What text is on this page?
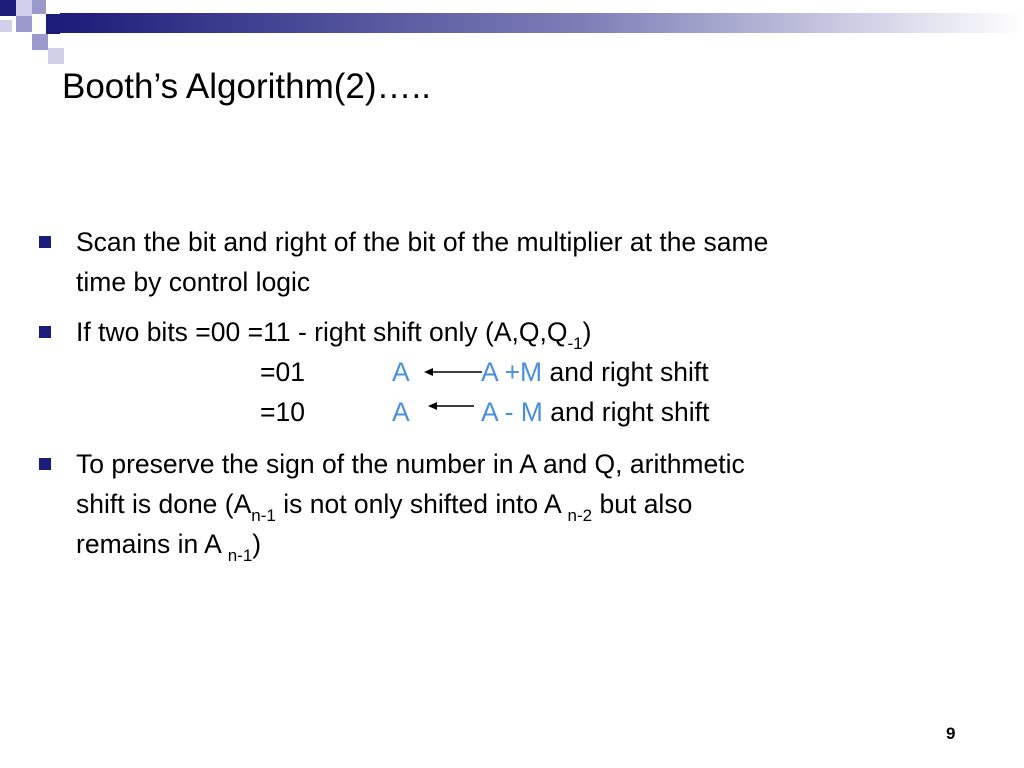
Booth’s Algorithm(2)…..
Scan the bit and right of the bit of the multiplier at the same
time by control logic
If two bits =00 =11 - right shift only $(A,Q,Q_{-1})$
=01	A	A +M and right shift
=10	A	A - M and right shift
To preserve the sign of the number in A and Q, arithmetic
shift is done ($A_{n-1}$ is not only shifted into A $_{n-2}$ but also
remains in A $_{n-1}$)
9
